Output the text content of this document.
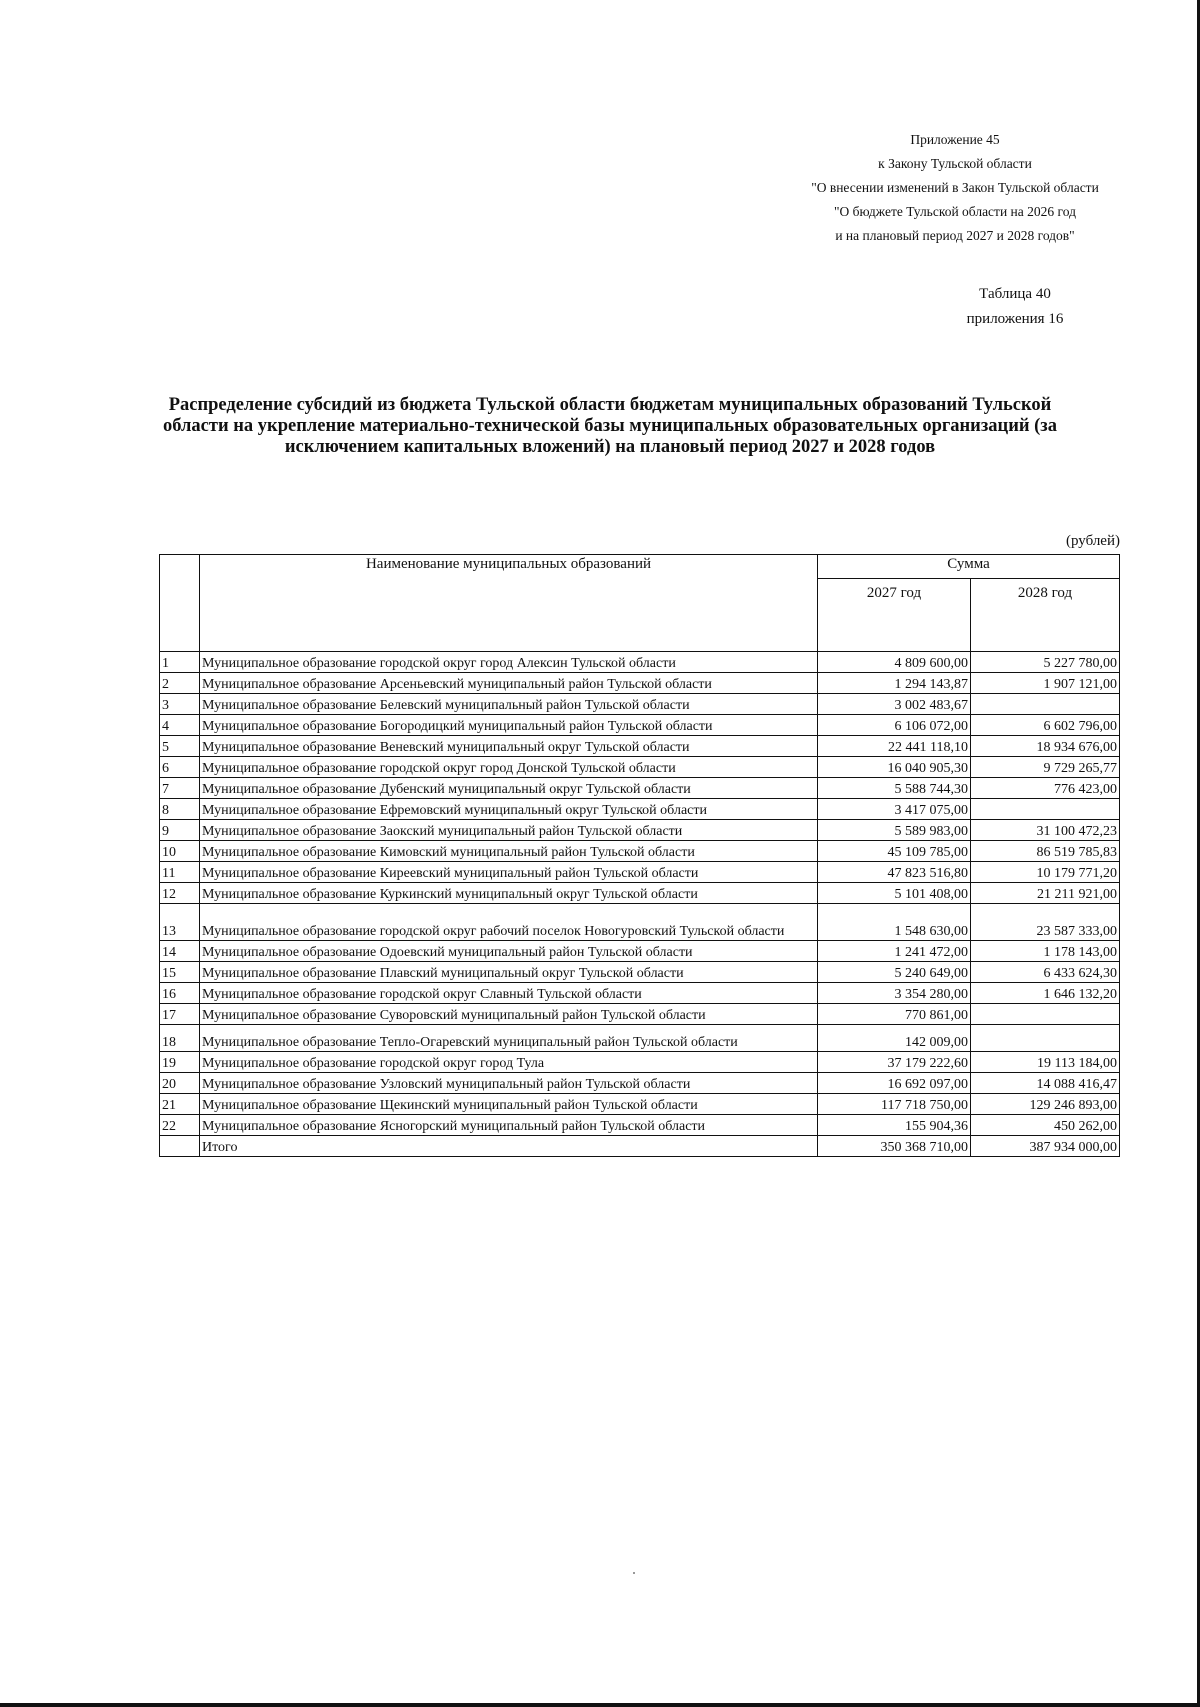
Приложение 45
к Закону Тульской области
"О внесении изменений в Закон Тульской области
"О бюджете Тульской области на 2026 год
и на плановый период 2027 и 2028 годов"
Таблица 40
приложения 16
Распределение субсидий из бюджета Тульской области бюджетам муниципальных образований Тульской области на укрепление материально-технической базы муниципальных образовательных организаций (за исключением капитальных вложений) на плановый период 2027 и 2028 годов
(рублей)
	Наименование муниципальных образований	Сумма	
		2027 год	2028 год
1	Муниципальное образование городской округ город Алексин Тульской области	4 809 600,00	5 227 780,00
2	Муниципальное образование Арсеньевский муниципальный район Тульской области	1 294 143,87	1 907 121,00
3	Муниципальное образование Белевский муниципальный район Тульской области	3 002 483,67	
4	Муниципальное образование Богородицкий муниципальный район Тульской области	6 106 072,00	6 602 796,00
5	Муниципальное образование Веневский муниципальный округ Тульской области	22 441 118,10	18 934 676,00
6	Муниципальное образование городской округ город Донской Тульской области	16 040 905,30	9 729 265,77
7	Муниципальное образование Дубенский муниципальный округ Тульской области	5 588 744,30	776 423,00
8	Муниципальное образование Ефремовский муниципальный округ Тульской области	3 417 075,00	
9	Муниципальное образование Заокский муниципальный район Тульской области	5 589 983,00	31 100 472,23
10	Муниципальное образование Кимовский муниципальный район Тульской области	45 109 785,00	86 519 785,83
11	Муниципальное образование Киреевский муниципальный район Тульской области	47 823 516,80	10 179 771,20
12	Муниципальное образование Куркинский муниципальный округ Тульской области	5 101 408,00	21 211 921,00
13	Муниципальное образование городской округ рабочий поселок Новогуровский Тульской области	1 548 630,00	23 587 333,00
14	Муниципальное образование Одоевский муниципальный район Тульской области	1 241 472,00	1 178 143,00
15	Муниципальное образование Плавский муниципальный округ Тульской области	5 240 649,00	6 433 624,30
16	Муниципальное образование городской округ Славный Тульской области	3 354 280,00	1 646 132,20
17	Муниципальное образование Суворовский муниципальный район Тульской области	770 861,00	
18	Муниципальное образование Тепло-Огаревский муниципальный район Тульской области	142 009,00	
19	Муниципальное образование городской округ город Тула	37 179 222,60	19 113 184,00
20	Муниципальное образование Узловский муниципальный район Тульской области	16 692 097,00	14 088 416,47
21	Муниципальное образование Щекинский муниципальный район Тульской области	117 718 750,00	129 246 893,00
22	Муниципальное образование Ясногорский муниципальный район Тульской области	155 904,36	450 262,00
	Итого	350 368 710,00	387 934 000,00
